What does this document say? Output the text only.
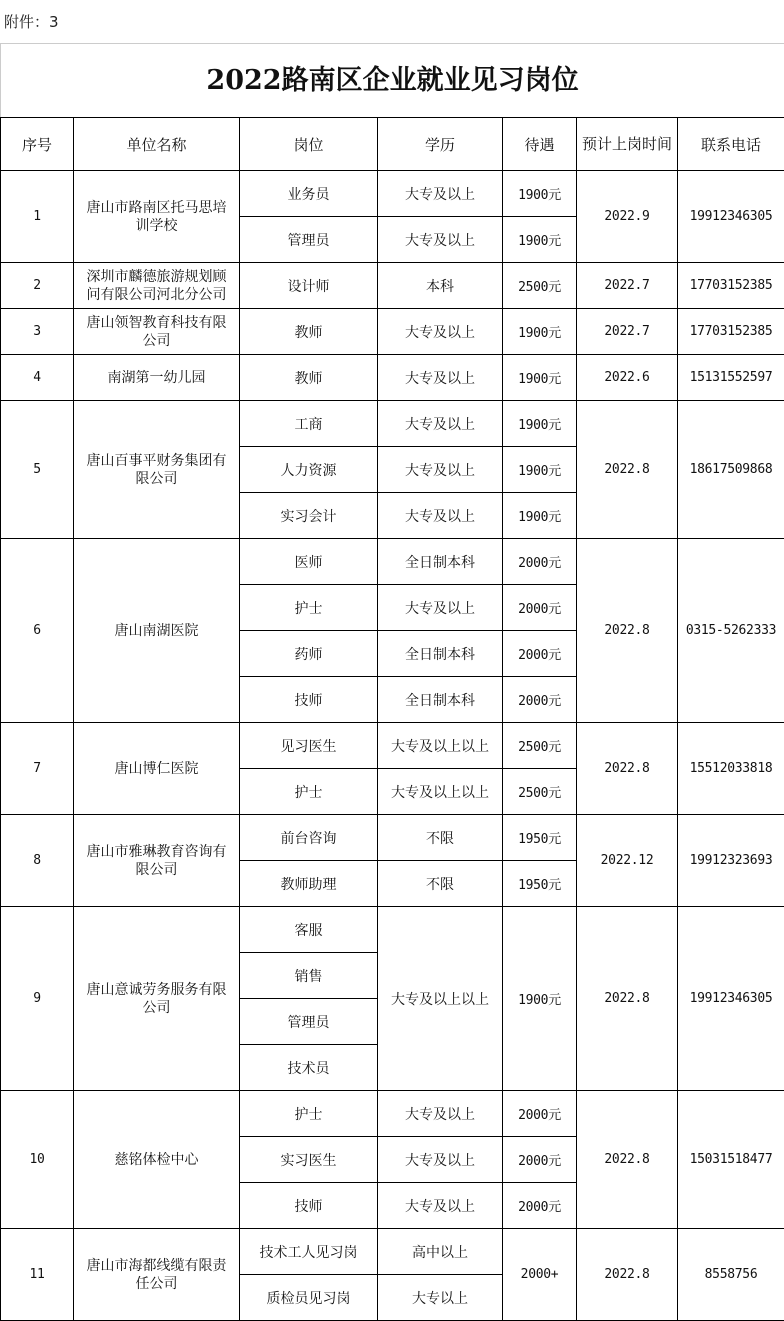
附件：3
2022路南区企业就业见习岗位
序号	单位名称	岗位	学历	待遇	预计上岗时间	联系电话
1	唐山市路南区托马思培训学校	业务员	大专及以上	1900元	2022.9	19912346305
		管理员	大专及以上	1900元		
2	深圳市麟德旅游规划顾问有限公司河北分公司	设计师	本科	2500元	2022.7	17703152385
3	唐山领智教育科技有限公司	教师	大专及以上	1900元	2022.7	17703152385
4	南湖第一幼儿园	教师	大专及以上	1900元	2022.6	15131552597
5	唐山百事平财务集团有限公司	工商	大专及以上	1900元	2022.8	18617509868
		人力资源	大专及以上	1900元		
		实习会计	大专及以上	1900元		
6	唐山南湖医院	医师	全日制本科	2000元	2022.8	0315-5262333
		护士	大专及以上	2000元		
		药师	全日制本科	2000元		
		技师	全日制本科	2000元		
7	唐山博仁医院	见习医生	大专及以上以上	2500元	2022.8	15512033818
		护士	大专及以上以上	2500元		
8	唐山市雅琳教育咨询有限公司	前台咨询	不限	1950元	2022.12	19912323693
		教师助理	不限	1950元		
9	唐山意诚劳务服务有限公司	客服	大专及以上以上	1900元	2022.8	19912346305
		销售				
		管理员				
		技术员				
10	慈铭体检中心	护士	大专及以上	2000元	2022.8	15031518477
		实习医生	大专及以上	2000元		
		技师	大专及以上	2000元		
11	唐山市海都线缆有限责任公司	技术工人见习岗	高中以上	2000+	2022.8	8558756
		质检员见习岗	大专以上			
